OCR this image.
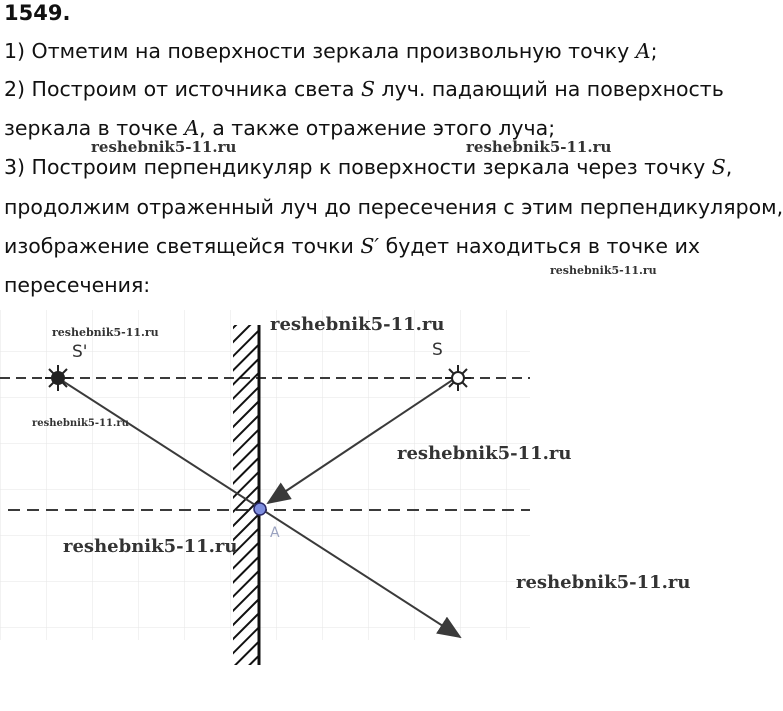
1549.
1) Отметим на поверхности зеркала произвольную точку A;
2) Построим от источника света S луч. падающий на поверхность
зеркала в точке A, а также отражение этого луча;
3) Построим перпендикуляр к поверхности зеркала через точку S,
продолжим отраженный луч до пересечения с этим перпендикуляром,
изображение светящейся точки S′ будет находиться в точке их
пересечения:
S'	S
A
reshebnik5-11.ru	reshebnik5-11.ru
reshebnik5-11.ru
reshebnik5-11.ru	reshebnik5-11.ru
reshebnik5-11.ru
reshebnik5-11.ru
reshebnik5-11.ru
reshebnik5-11.ru
